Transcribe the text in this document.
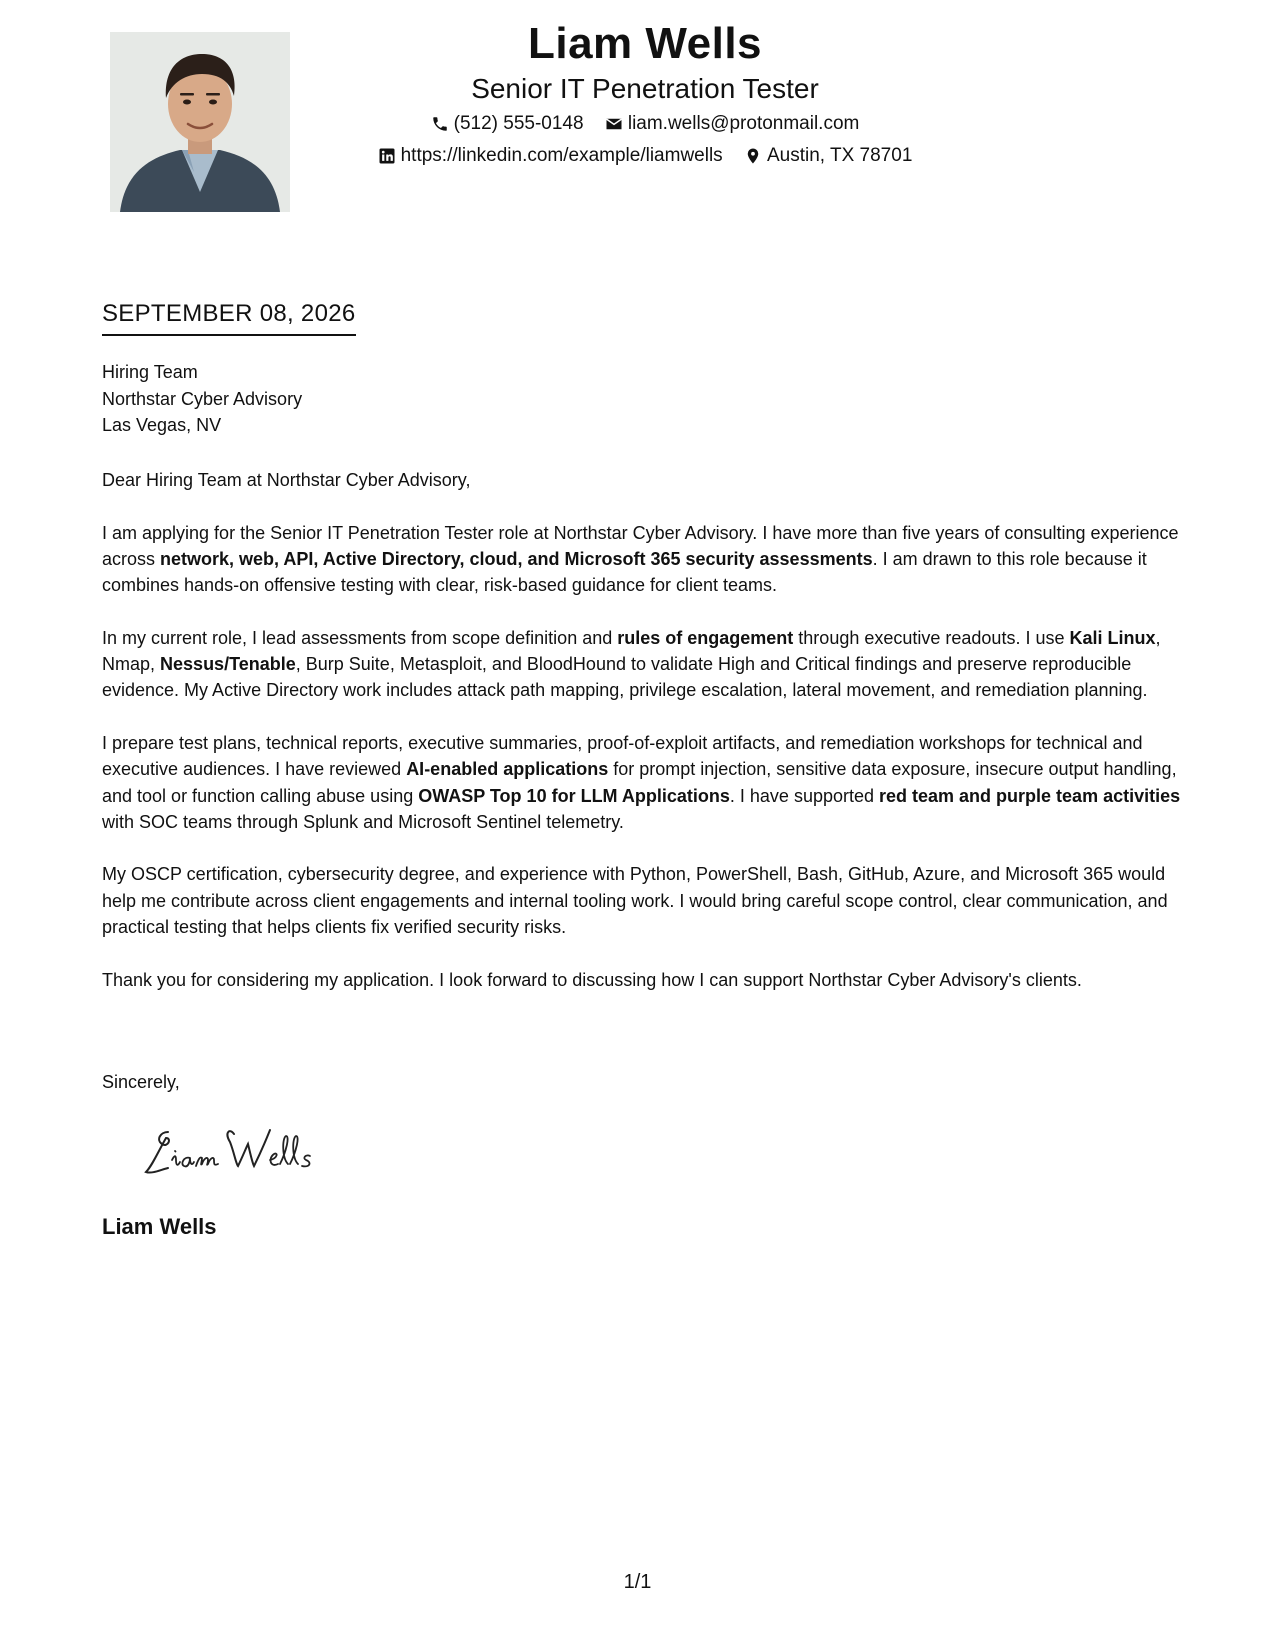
Liam Wells
Senior IT Penetration Tester
(512) 555-0148
liam.wells@protonmail.com
https://linkedin.com/example/liamwells
Austin, TX 78701
SEPTEMBER 08, 2026
Hiring Team
Northstar Cyber Advisory
Las Vegas, NV

Dear Hiring Team at Northstar Cyber Advisory,

I am applying for the Senior IT Penetration Tester role at Northstar Cyber Advisory. I have more than five years of consulting experience across network, web, API, Active Directory, cloud, and Microsoft 365 security assessments. I am drawn to this role because it combines hands-on offensive testing with clear, risk-based guidance for client teams.

In my current role, I lead assessments from scope definition and rules of engagement through executive readouts. I use Kali Linux, Nmap, Nessus/Tenable, Burp Suite, Metasploit, and BloodHound to validate High and Critical findings and preserve reproducible evidence. My Active Directory work includes attack path mapping, privilege escalation, lateral movement, and remediation planning.

I prepare test plans, technical reports, executive summaries, proof-of-exploit artifacts, and remediation workshops for technical and executive audiences. I have reviewed AI-enabled applications for prompt injection, sensitive data exposure, insecure output handling, and tool or function calling abuse using OWASP Top 10 for LLM Applications. I have supported red team and purple team activities with SOC teams through Splunk and Microsoft Sentinel telemetry.

My OSCP certification, cybersecurity degree, and experience with Python, PowerShell, Bash, GitHub, Azure, and Microsoft 365 would help me contribute across client engagements and internal tooling work. I would bring careful scope control, clear communication, and practical testing that helps clients fix verified security risks.

Thank you for considering my application. I look forward to discussing how I can support Northstar Cyber Advisory's clients.

Sincerely,
Liam Wells
1/1
